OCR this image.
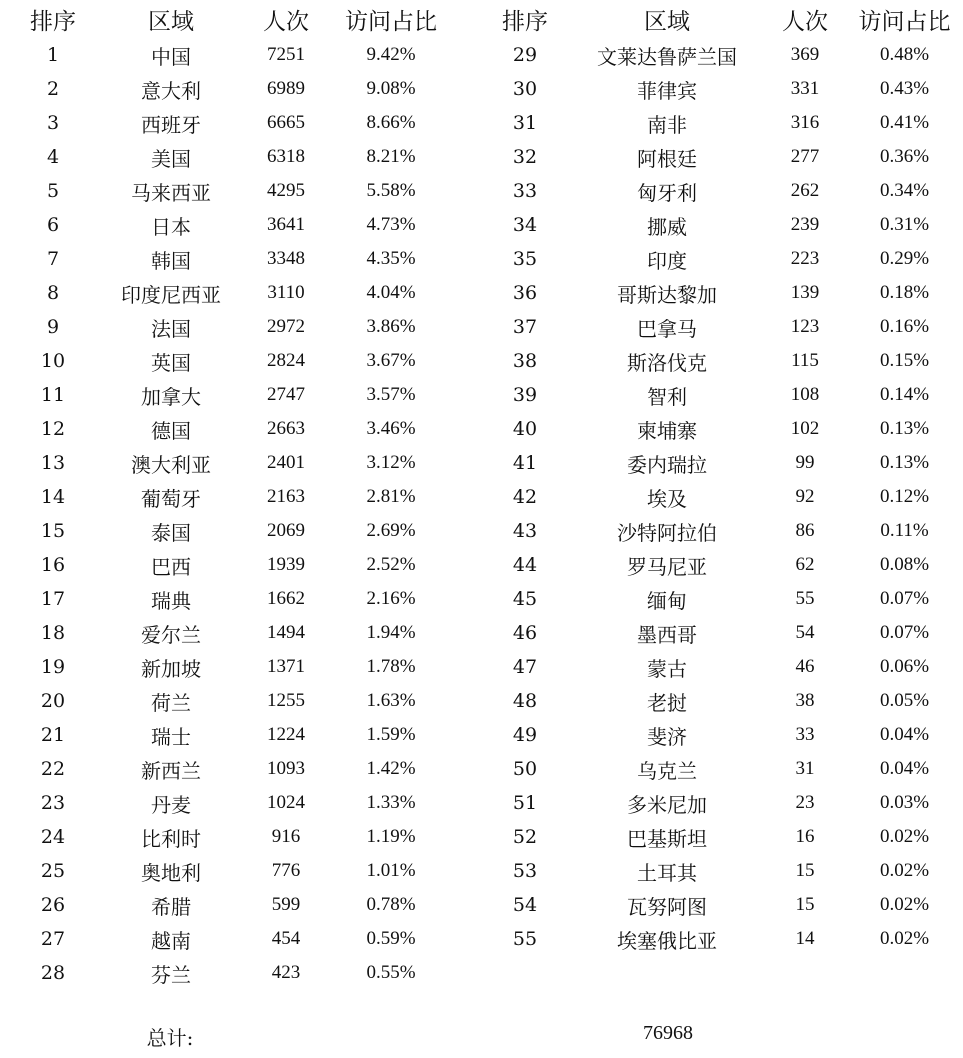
排序	区域	人次	访问占比
1	中国	7251	9.42%
2	意大利	6989	9.08%
3	西班牙	6665	8.66%
4	美国	6318	8.21%
5	马来西亚	4295	5.58%
6	日本	3641	4.73%
7	韩国	3348	4.35%
8	印度尼西亚	3110	4.04%
9	法国	2972	3.86%
10	英国	2824	3.67%
11	加拿大	2747	3.57%
12	德国	2663	3.46%
13	澳大利亚	2401	3.12%
14	葡萄牙	2163	2.81%
15	泰国	2069	2.69%
16	巴西	1939	2.52%
17	瑞典	1662	2.16%
18	爱尔兰	1494	1.94%
19	新加坡	1371	1.78%
20	荷兰	1255	1.63%
21	瑞士	1224	1.59%
22	新西兰	1093	1.42%
23	丹麦	1024	1.33%
24	比利时	916	1.19%
25	奥地利	776	1.01%
26	希腊	599	0.78%
27	越南	454	0.59%
28	芬兰	423	0.55%
排序	区域	人次	访问占比
29	文莱达鲁萨兰国	369	0.48%
30	菲律宾	331	0.43%
31	南非	316	0.41%
32	阿根廷	277	0.36%
33	匈牙利	262	0.34%
34	挪威	239	0.31%
35	印度	223	0.29%
36	哥斯达黎加	139	0.18%
37	巴拿马	123	0.16%
38	斯洛伐克	115	0.15%
39	智利	108	0.14%
40	柬埔寨	102	0.13%
41	委内瑞拉	99	0.13%
42	埃及	92	0.12%
43	沙特阿拉伯	86	0.11%
44	罗马尼亚	62	0.08%
45	缅甸	55	0.07%
46	墨西哥	54	0.07%
47	蒙古	46	0.06%
48	老挝	38	0.05%
49	斐济	33	0.04%
50	乌克兰	31	0.04%
51	多米尼加	23	0.03%
52	巴基斯坦	16	0.02%
53	土耳其	15	0.02%
54	瓦努阿图	15	0.02%
55	埃塞俄比亚	14	0.02%
总计:	76968
